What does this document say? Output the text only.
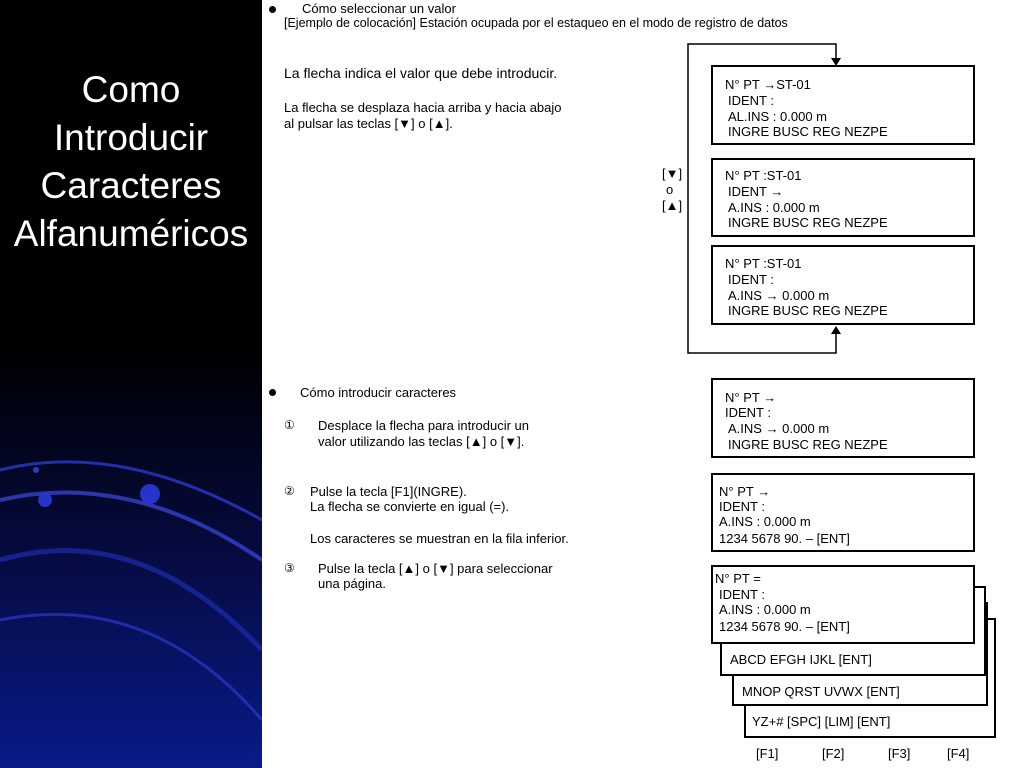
Como
Introducir
Caracteres
Alfanuméricos
Cómo seleccionar un valor
[Ejemplo de colocación] Estación ocupada por el estaqueo en el modo de registro de datos
La flecha indica el valor que debe introducir.
La flecha se desplaza hacia arriba y hacia abajo
al pulsar las teclas [▼] o [▲].
[▼]
o
[▲]
N° PT →ST-01
IDENT :
AL.INS : 0.000 m
INGRE BUSC REG NEZPE
N° PT :ST-01
IDENT →
A.INS : 0.000 m
INGRE BUSC REG NEZPE
N° PT :ST-01
IDENT :
A.INS → 0.000 m
INGRE BUSC REG NEZPE
Cómo introducir caracteres
① Desplace la flecha para introducir un
valor utilizando las teclas [▲] o [▼].
② Pulse la tecla [F1](INGRE).
La flecha se convierte en igual (=).
Los caracteres se muestran en la fila inferior.
③ Pulse la tecla [▲] o [▼] para seleccionar
una página.
N° PT →
IDENT :
A.INS → 0.000 m
INGRE BUSC REG NEZPE
N° PT →
IDENT :
A.INS : 0.000 m
1234 5678 90. – [ENT]
YZ+# [SPC] [LIM] [ENT]
MNOP QRST UVWX [ENT]
ABCD EFGH IJKL [ENT]
N° PT =
IDENT :
A.INS : 0.000 m
1234 5678 90. – [ENT]
[F1]	[F2]	[F3]	[F4]
